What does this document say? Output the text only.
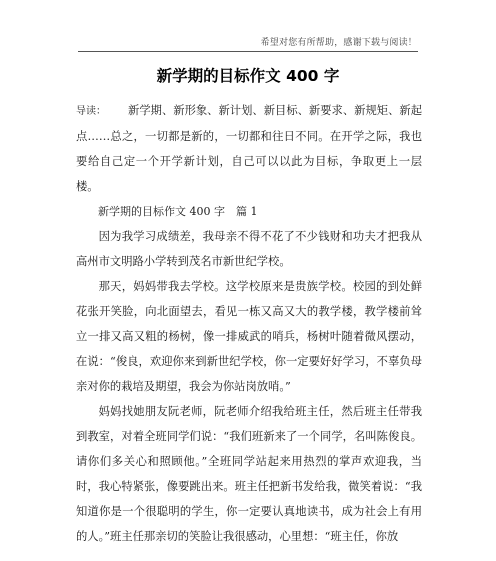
希望对您有所帮助，感谢下载与阅读！
新学期的目标作文 400 字

导读： 新学期、新形象、新计划、新目标、新要求、新规矩、新起点……总之，一切都是新的，一切都和往日不同。在开学之际，我也要给自己定一个开学新计划，自己可以以此为目标，争取更上一层楼。

新学期的目标作文 400 字　篇 1

因为我学习成绩差，我母亲不得不花了不少钱财和功夫才把我从高州市文明路小学转到茂名市新世纪学校。

那天，妈妈带我去学校。这学校原来是贵族学校。校园的到处鲜花张开笑脸，向北面望去，看见一栋又高又大的教学楼，教学楼前耸立一排又高又粗的杨树，像一排威武的哨兵，杨树叶随着微风摆动，在说：“俊良，欢迎你来到新世纪学校，你一定要好好学习，不辜负母亲对你的栽培及期望，我会为你站岗放哨。”

妈妈找她朋友阮老师，阮老师介绍我给班主任，然后班主任带我到教室，对着全班同学们说：“我们班新来了一个同学，名叫陈俊良。请你们多关心和照顾他。”全班同学站起来用热烈的掌声欢迎我，当时，我心特紧张，像要跳出来。班主任把新书发给我，微笑着说：“我知道你是一个很聪明的学生，你一定要认真地读书，成为社会上有用的人。”班主任那亲切的笑脸让我很感动，心里想：“班主任，你放
